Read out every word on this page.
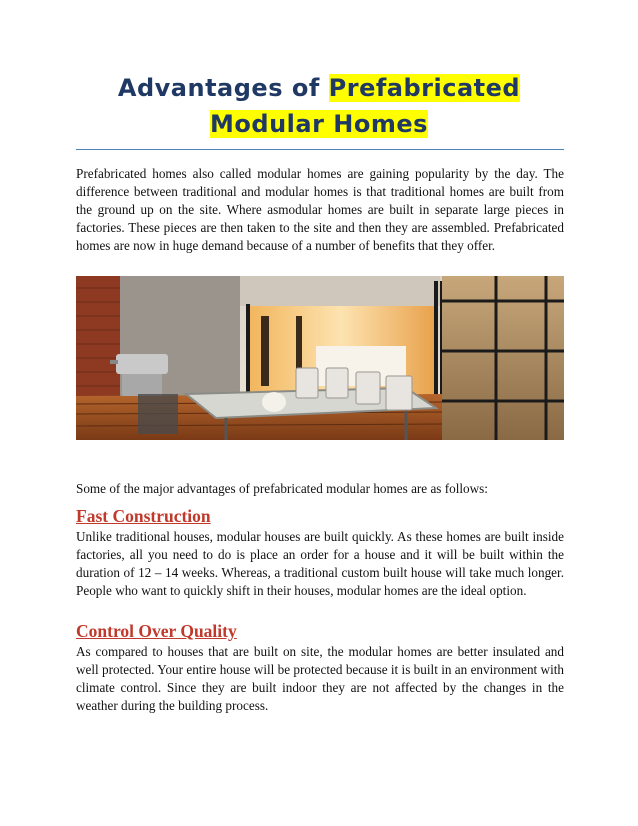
Advantages of Prefabricated
Modular Homes

Prefabricated homes also called modular homes are gaining popularity by the day. The difference between traditional and modular homes is that traditional homes are built from the ground up on the site. Where asmodular homes are built in separate large pieces in factories. These pieces are then taken to the site and then they are assembled. Prefabricated homes are now in huge demand because of a number of benefits that they offer.

Some of the major advantages of prefabricated modular homes are as follows:

Fast Construction

Unlike traditional houses, modular houses are built quickly. As these homes are built inside factories, all you need to do is place an order for a house and it will be built within the duration of 12 – 14 weeks. Whereas, a traditional custom built house will take much longer. People who want to quickly shift in their houses, modular homes are the ideal option.

Control Over Quality

As compared to houses that are built on site, the modular homes are better insulated and well protected. Your entire house will be protected because it is built in an environment with climate control. Since they are built indoor they are not affected by the changes in the weather during the building process.
